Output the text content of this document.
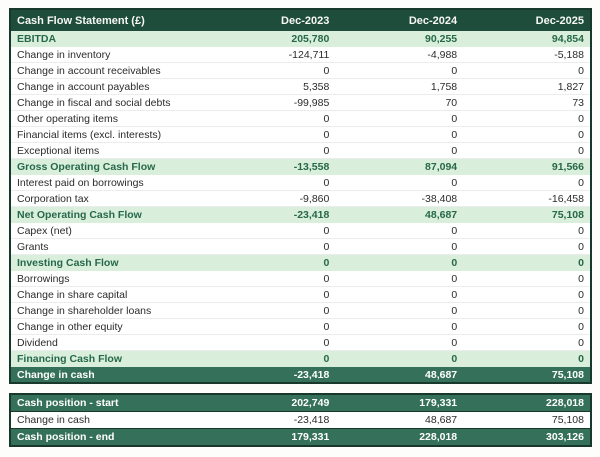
Cash Flow Statement (£)	Dec-2023	Dec-2024	Dec-2025
EBITDA	205,780	90,255	94,854
Change in inventory	-124,711	-4,988	-5,188
Change in account receivables	0	0	0
Change in account payables	5,358	1,758	1,827
Change in fiscal and social debts	-99,985	70	73
Other operating items	0	0	0
Financial items (excl. interests)	0	0	0
Exceptional items	0	0	0
Gross Operating Cash Flow	-13,558	87,094	91,566
Interest paid on borrowings	0	0	0
Corporation tax	-9,860	-38,408	-16,458
Net Operating Cash Flow	-23,418	48,687	75,108
Capex (net)	0	0	0
Grants	0	0	0
Investing Cash Flow	0	0	0
Borrowings	0	0	0
Change in share capital	0	0	0
Change in shareholder loans	0	0	0
Change in other equity	0	0	0
Dividend	0	0	0
Financing Cash Flow	0	0	0
Change in cash	-23,418	48,687	75,108
Cash position - start	202,749	179,331	228,018
Change in cash	-23,418	48,687	75,108
Cash position - end	179,331	228,018	303,126
